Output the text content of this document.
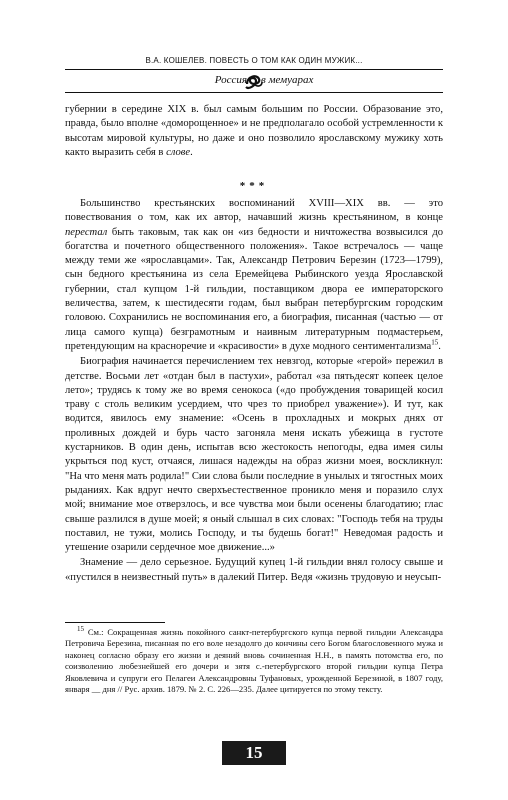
В.А. КОШЕЛЕВ. ПОВЕСТЬ О ТОМ КАК ОДИН МУЖИК...
Россия в мемуарах

губернии в середине XIX в. был самым большим по России. Образование это, правда, было вполне «доморощенное» и не предполагало особой устремленности к высотам мировой культуры, но даже и оно позволило ярославскому мужику хоть както выразить себя в слове.

***

Большинство крестьянских воспоминаний XVIII—XIX вв. — это повествования о том, как их автор, начавший жизнь крестьянином, в конце перестал быть таковым, так как он «из бедности и ничтожества возвысился до богатства и почетного общественного положения». Такое встречалось — чаще между теми же «ярославцами». Так, Александр Петрович Березин (1723—1799), сын бедного крестьянина из села Еремейцева Рыбинского уезда Ярославской губернии, стал купцом 1-й гильдии, поставщиком двора ее императорского величества, затем, к шестидесяти годам, был выбран петербургским городским головою. Сохранились не воспоминания его, а биография, писанная (частью — от лица самого купца) безграмотным и наивным литературным подмастерьем, претендующим на красноречие и «красивости» в духе модного сентиментализма$^{15}$.

Биография начинается перечислением тех невзгод, которые «герой» пережил в детстве. Восьми лет «отдан был в пастухи», работал «за пятьдесят копеек целое лето»; трудясь к тому же во время сенокоса («до пробуждения товарищей косил траву с столь великим усердием, что чрез то приобрел уважение»). И тут, как водится, явилось ему знамение: «Осень в прохладных и мокрых днях от проливных дождей и бурь часто загоняла меня искать убежища в густоте кустарников. В один день, испытав всю жестокость непогоды, едва имея силы укрыться под куст, отчаяся, лишася надежды на образ жизни моея, воскликнул: "На что меня мать родила!" Сии слова были последние в унылых и тягостных моих рыданиях. Как вдруг нечто сверхъестественное проникло меня и поразило слух мой; внимание мое отверзлось, и все чувства мои были осенены благодатию; глас свыше разлился в душе моей; я оный слышал в сих словах: "Господь тебя на труды поставил, не тужи, молись Господу, и ты будешь богат!" Неведомая радость и утешение озарили сердечное мое движение...»

Знамение — дело серьезное. Будущий купец 1-й гильдии внял голосу свыше и «пустился в неизвестный путь» в далекий Питер. Ведя «жизнь трудовую и неусып-

$^{15}$ См.: Сокращенная жизнь покойного санкт-петербургского купца первой гильдии Александра Петровича Березина, писанная по его воле незадолго до кончины сего Богом благословенного мужа и наконец согласно образу его жизни и деяний вновь сочиненная Н.Н., в память потомства его, по соизволению любезнейшей его дочери и зятя с.-петербургского второй гильдии купца Петра Яковлевича и супруги его Пелагеи Александровны Туфановых, урожденной Березиной, в 1807 году, января __ дня // Рус. архив. 1879. № 2. С. 226—235. Далее цитируется по этому тексту.

15
